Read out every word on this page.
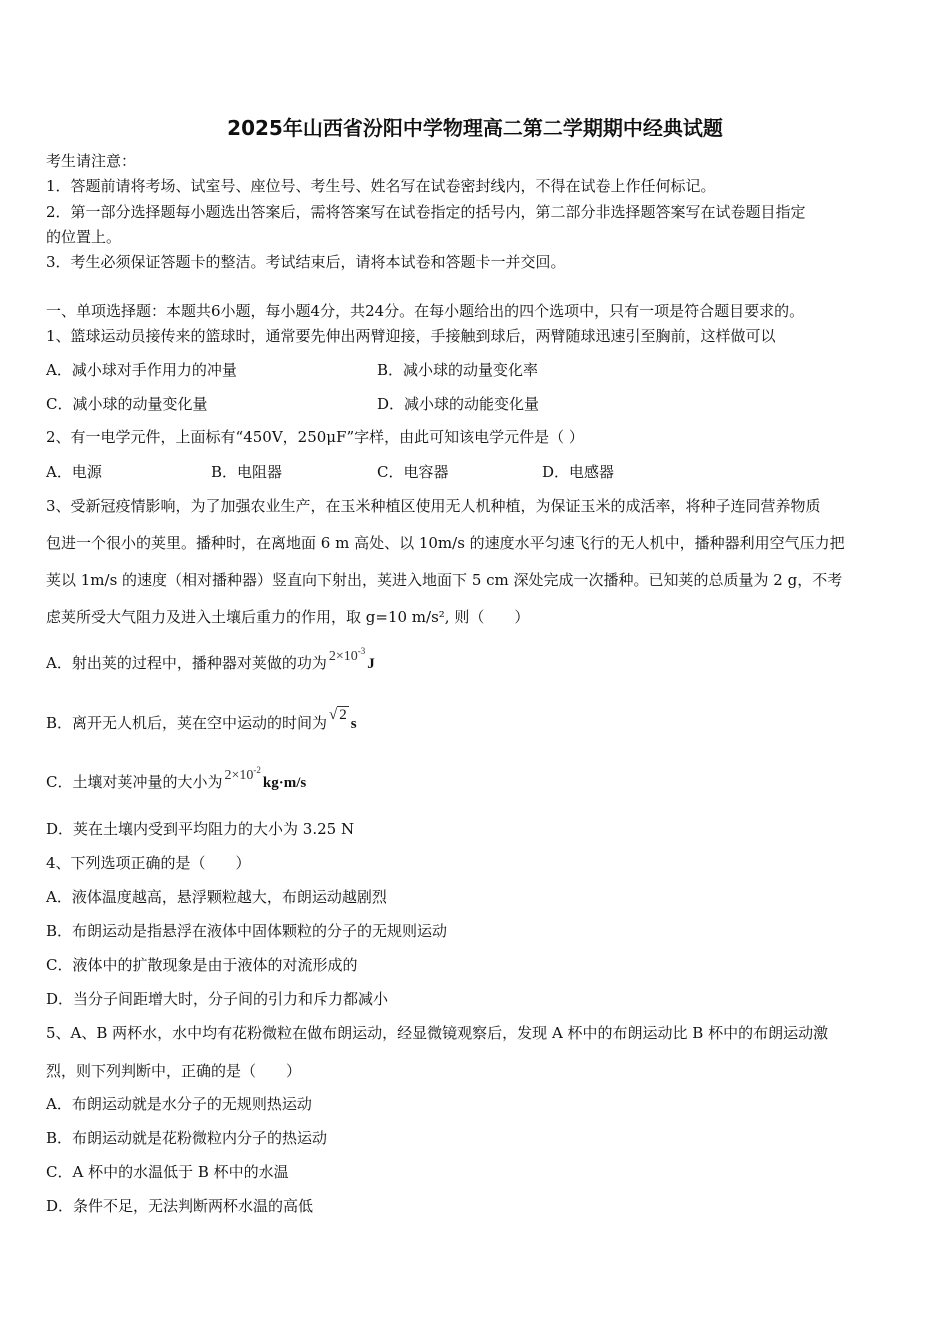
2025年山西省汾阳中学物理高二第二学期期中经典试题
考生请注意：
1．答题前请将考场、试室号、座位号、考生号、姓名写在试卷密封线内，不得在试卷上作任何标记。
2．第一部分选择题每小题选出答案后，需将答案写在试卷指定的括号内，第二部分非选择题答案写在试卷题目指定
的位置上。
3．考生必须保证答题卡的整洁。考试结束后，请将本试卷和答题卡一并交回。
一、单项选择题：本题共6小题，每小题4分，共24分。在每小题给出的四个选项中，只有一项是符合题目要求的。
1、篮球运动员接传来的篮球时，通常要先伸出两臂迎接，手接触到球后，两臂随球迅速引至胸前，这样做可以
A．减小球对手作用力的冲量	B．减小球的动量变化率
C．减小球的动量变化量	D．减小球的动能变化量
2、有一电学元件，上面标有“450V，250μF”字样，由此可知该电学元件是（ ）
A．电源	B．电阻器	C．电容器	D．电感器
3、受新冠疫情影响，为了加强农业生产，在玉米种植区使用无人机种植，为保证玉米的成活率，将种子连同营养物质
包进一个很小的荚里。播种时，在离地面 6 m 高处、以 10m/s 的速度水平匀速飞行的无人机中，播种器利用空气压力把
荚以 1m/s 的速度（相对播种器）竖直向下射出，荚进入地面下 5 cm 深处完成一次播种。已知荚的总质量为 2 g，不考
虑荚所受大气阻力及进入土壤后重力的作用，取 g=10 m/s², 则（　　）
A．射出荚的过程中，播种器对荚做的功为 $2\times 10^{-3}J$
B．离开无人机后，荚在空中运动的时间为 √ 2s
C．土壤对荚冲量的大小为 $2\times 10^{-2}kg\cdot m/s$
D．荚在土壤内受到平均阻力的大小为 3.25 N
4、下列选项正确的是（　　）
A．液体温度越高，悬浮颗粒越大，布朗运动越剧烈
B．布朗运动是指悬浮在液体中固体颗粒的分子的无规则运动
C．液体中的扩散现象是由于液体的对流形成的
D．当分子间距增大时，分子间的引力和斥力都减小
5、A、B 两杯水，水中均有花粉微粒在做布朗运动，经显微镜观察后，发现 A 杯中的布朗运动比 B 杯中的布朗运动激
烈，则下列判断中，正确的是（　　）
A．布朗运动就是水分子的无规则热运动
B．布朗运动就是花粉微粒内分子的热运动
C．A 杯中的水温低于 B 杯中的水温
D．条件不足，无法判断两杯水温的高低
